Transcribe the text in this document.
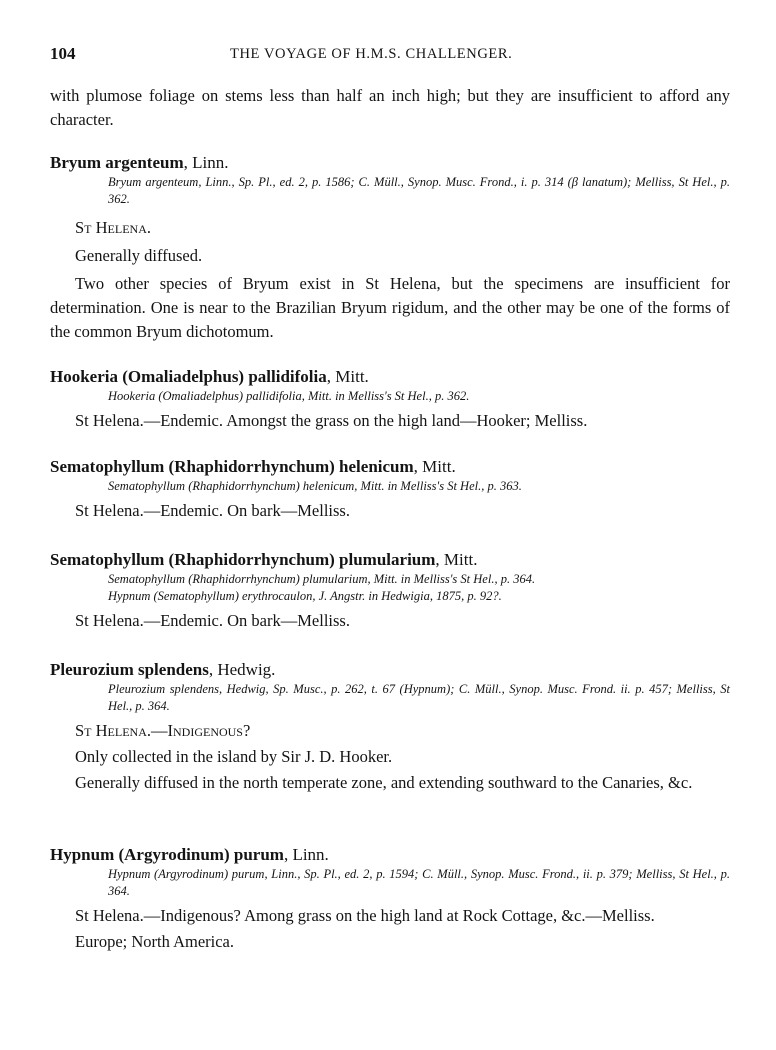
104	THE VOYAGE OF H.M.S. CHALLENGER.

with plumose foliage on stems less than half an inch high; but they are insufficient to afford any character.

Bryum argenteum, Linn.
Bryum argenteum, Linn., Sp. Pl., ed. 2, p. 1586; C. Müll., Synop. Musc. Frond., i. p. 314 (β lanatum); Melliss, St Hel., p. 362.
St Helena.
Generally diffused.

Two other species of Bryum exist in St Helena, but the specimens are insufficient for determination. One is near to the Brazilian Bryum rigidum, and the other may be one of the forms of the common Bryum dichotomum.

Hookeria (Omaliadelphus) pallidifolia, Mitt.
Hookeria (Omaliadelphus) pallidifolia, Mitt. in Melliss's St Hel., p. 362.
St Helena.—Endemic. Amongst the grass on the high land—Hooker; Melliss.
Sematophyllum (Rhaphidorrhynchum) helenicum, Mitt.
Sematophyllum (Rhaphidorrhynchum) helenicum, Mitt. in Melliss's St Hel., p. 363.
St Helena.—Endemic. On bark—Melliss.
Sematophyllum (Rhaphidorrhynchum) plumularium, Mitt.
Sematophyllum (Rhaphidorrhynchum) plumularium, Mitt. in Melliss's St Hel., p. 364.
Hypnum (Sematophyllum) erythrocaulon, J. Angstr. in Hedwigia, 1875, p. 92?.
St Helena.—Endemic. On bark—Melliss.
Pleurozium splendens, Hedwig.
Pleurozium splendens, Hedwig, Sp. Musc., p. 262, t. 67 (Hypnum); C. Müll., Synop. Musc. Frond. ii. p. 457; Melliss, St Hel., p. 364.
St Helena.—Indigenous?
Only collected in the island by Sir J. D. Hooker.

Generally diffused in the north temperate zone, and extending southward to the Canaries, &c.

Hypnum (Argyrodinum) purum, Linn.
Hypnum (Argyrodinum) purum, Linn., Sp. Pl., ed. 2, p. 1594; C. Müll., Synop. Musc. Frond., ii. p. 379; Melliss, St Hel., p. 364.

St Helena.—Indigenous? Among grass on the high land at Rock Cottage, &c.—Melliss.

Europe; North America.
